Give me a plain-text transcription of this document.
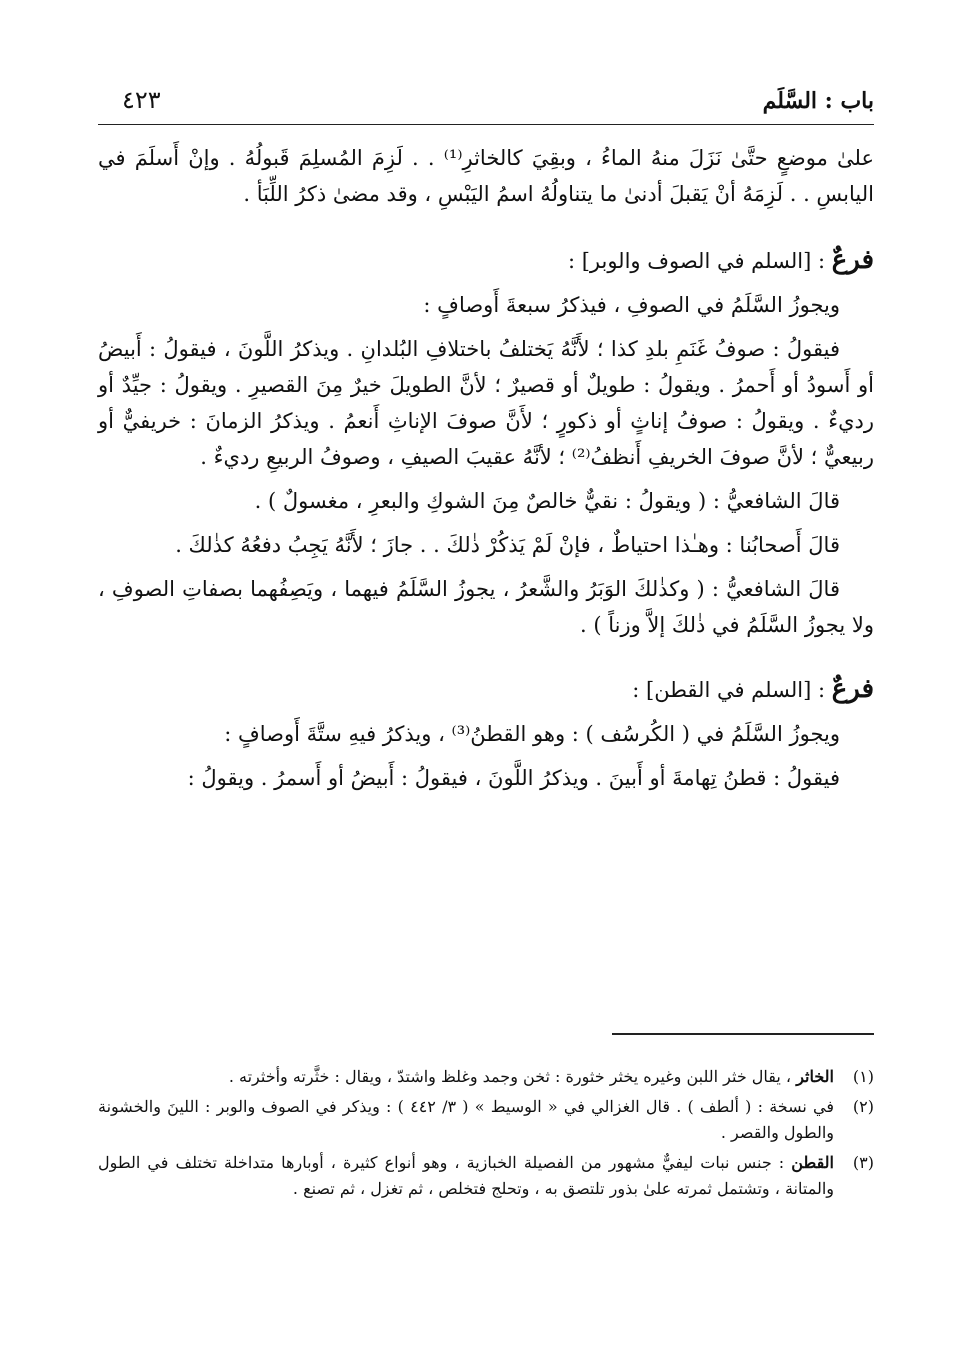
باب : السَّلَم
٤٢٣

علىٰ موضعٍ حتَّىٰ نَزَلَ منهُ الماءُ ، وبقِيَ كالخاثرِ⁽¹⁾ . . لَزِمَ المُسلِمَ قَبولُهُ . وإنْ أَسلَمَ في اليابسِ . . لَزِمَهُ أنْ يَقبلَ أدنىٰ ما يتناولُهُ اسمُ اليَبْسِ ، وقد مضىٰ ذكرُ اللِّبَأ .

فرعٌ : [السلم في الصوف والوبر] :

ويجوزُ السَّلَمُ في الصوفِ ، فيذكرُ سبعةَ أَوصافٍ :

فيقولُ : صوفُ غَنَمِ بلدِ كذا ؛ لأَنَّهُ يَختلفُ باختلافِ البُلدانِ . ويذكرُ اللَّونَ ، فيقولُ : أَبيضُ أو أَسودُ أو أَحمرُ . ويقولُ : طويلٌ أو قصيرٌ ؛ لأنَّ الطويلَ خيرٌ مِنَ القصيرِ . ويقولُ : جيِّدٌ أو رديءٌ . ويقولُ : صوفُ إناثٍ أو ذكورٍ ؛ لأَنَّ صوفَ الإناثِ أَنعمُ . ويذكرُ الزمانَ : خريفيٌّ أو ربيعيٌّ ؛ لأنَّ صوفَ الخريفِ أَنظفُ⁽²⁾ ؛ لأنَّهُ عقيبَ الصيفِ ، وصوفُ الربيعِ رديءٌ .

قالَ الشافعيُّ : ( ويقولُ : نقيٌّ خالصٌ مِنَ الشوكِ والبعرِ ، مغسولٌ ) .

قالَ أَصحابُنا : وهـٰذا احتياطٌ ، فإنْ لَمْ يَذكُرْ ذٰلكَ . . جازَ ؛ لأَنَّهُ يَجِبُ دفعُهُ كذٰلكَ .

قالَ الشافعيُّ : ( وكذٰلكَ الوَبَرُ والشَّعرُ ، يجوزُ السَّلَمُ فيهما ، ويَصِفُهما بصفاتِ الصوفِ ، ولا يجوزُ السَّلَمُ في ذٰلكَ إلاَّ وزناً ) .

فرعٌ : [السلم في القطن] :

ويجوزُ السَّلَمُ في ( الكُرسُف ) : وهو القطنُ⁽³⁾ ، ويذكرُ فيهِ ستَّةَ أَوصافٍ :

فيقولُ : قطنُ تِهامةَ أو أَبينَ . ويذكرُ اللَّونَ ، فيقولُ : أَبيضُ أو أَسمرُ . ويقولُ :

(١)
الخاثر ، يقال خثر اللبن وغيره يخثر خثورة : ثخن وجمد وغلظ واشتدّ ، ويقال : خثَّرته وأخثرته .
(٢)
في نسخة : ( ألطف ) . قال الغزالي في « الوسيط » ( ٣/ ٤٤٢ ) : ويذكر في الصوف والوبر : اللينَ والخشونة والطول والقصر .
(٣)
القطن : جنس نبات ليفيٌّ مشهور من الفصيلة الخبازية ، وهو أنواع كثيرة ، أوبارها متداخلة تختلف في الطول والمتانة ، وتشتمل ثمرته علىٰ بذور تلتصق به ، وتحلج فتخلص ، ثم تغزل ، ثم تصنع .
